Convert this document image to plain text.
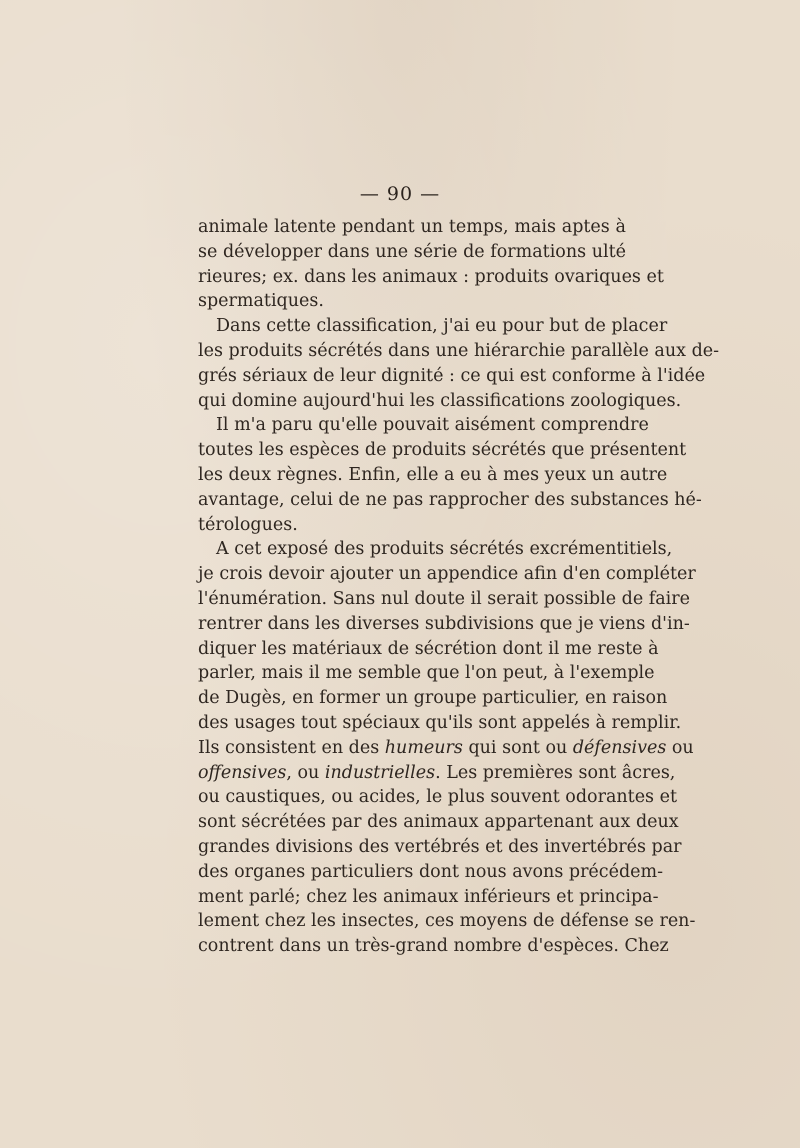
— 90 —
animale latente pendant un temps, mais aptes à
se développer dans une série de formations ulté
rieures; ex. dans les animaux : produits ovariques et
spermatiques.
Dans cette classification, j'ai eu pour but de placer
les produits sécrétés dans une hiérarchie parallèle aux de-
grés sériaux de leur dignité : ce qui est conforme à l'idée
qui domine aujourd'hui les classifications zoologiques.
Il m'a paru qu'elle pouvait aisément comprendre
toutes les espèces de produits sécrétés que présentent
les deux règnes. Enfin, elle a eu à mes yeux un autre
avantage, celui de ne pas rapprocher des substances hé-
térologues.
A cet exposé des produits sécrétés excrémentitiels,
je crois devoir ajouter un appendice afin d'en compléter
l'énumération. Sans nul doute il serait possible de faire
rentrer dans les diverses subdivisions que je viens d'in-
diquer les matériaux de sécrétion dont il me reste à
parler, mais il me semble que l'on peut, à l'exemple
de Dugès, en former un groupe particulier, en raison
des usages tout spéciaux qu'ils sont appelés à remplir.
Ils consistent en des humeurs qui sont ou défensives ou
offensives, ou industrielles. Les premières sont âcres,
ou caustiques, ou acides, le plus souvent odorantes et
sont sécrétées par des animaux appartenant aux deux
grandes divisions des vertébrés et des invertébrés par
des organes particuliers dont nous avons précédem-
ment parlé; chez les animaux inférieurs et principa-
lement chez les insectes, ces moyens de défense se ren-
contrent dans un très-grand nombre d'espèces. Chez
